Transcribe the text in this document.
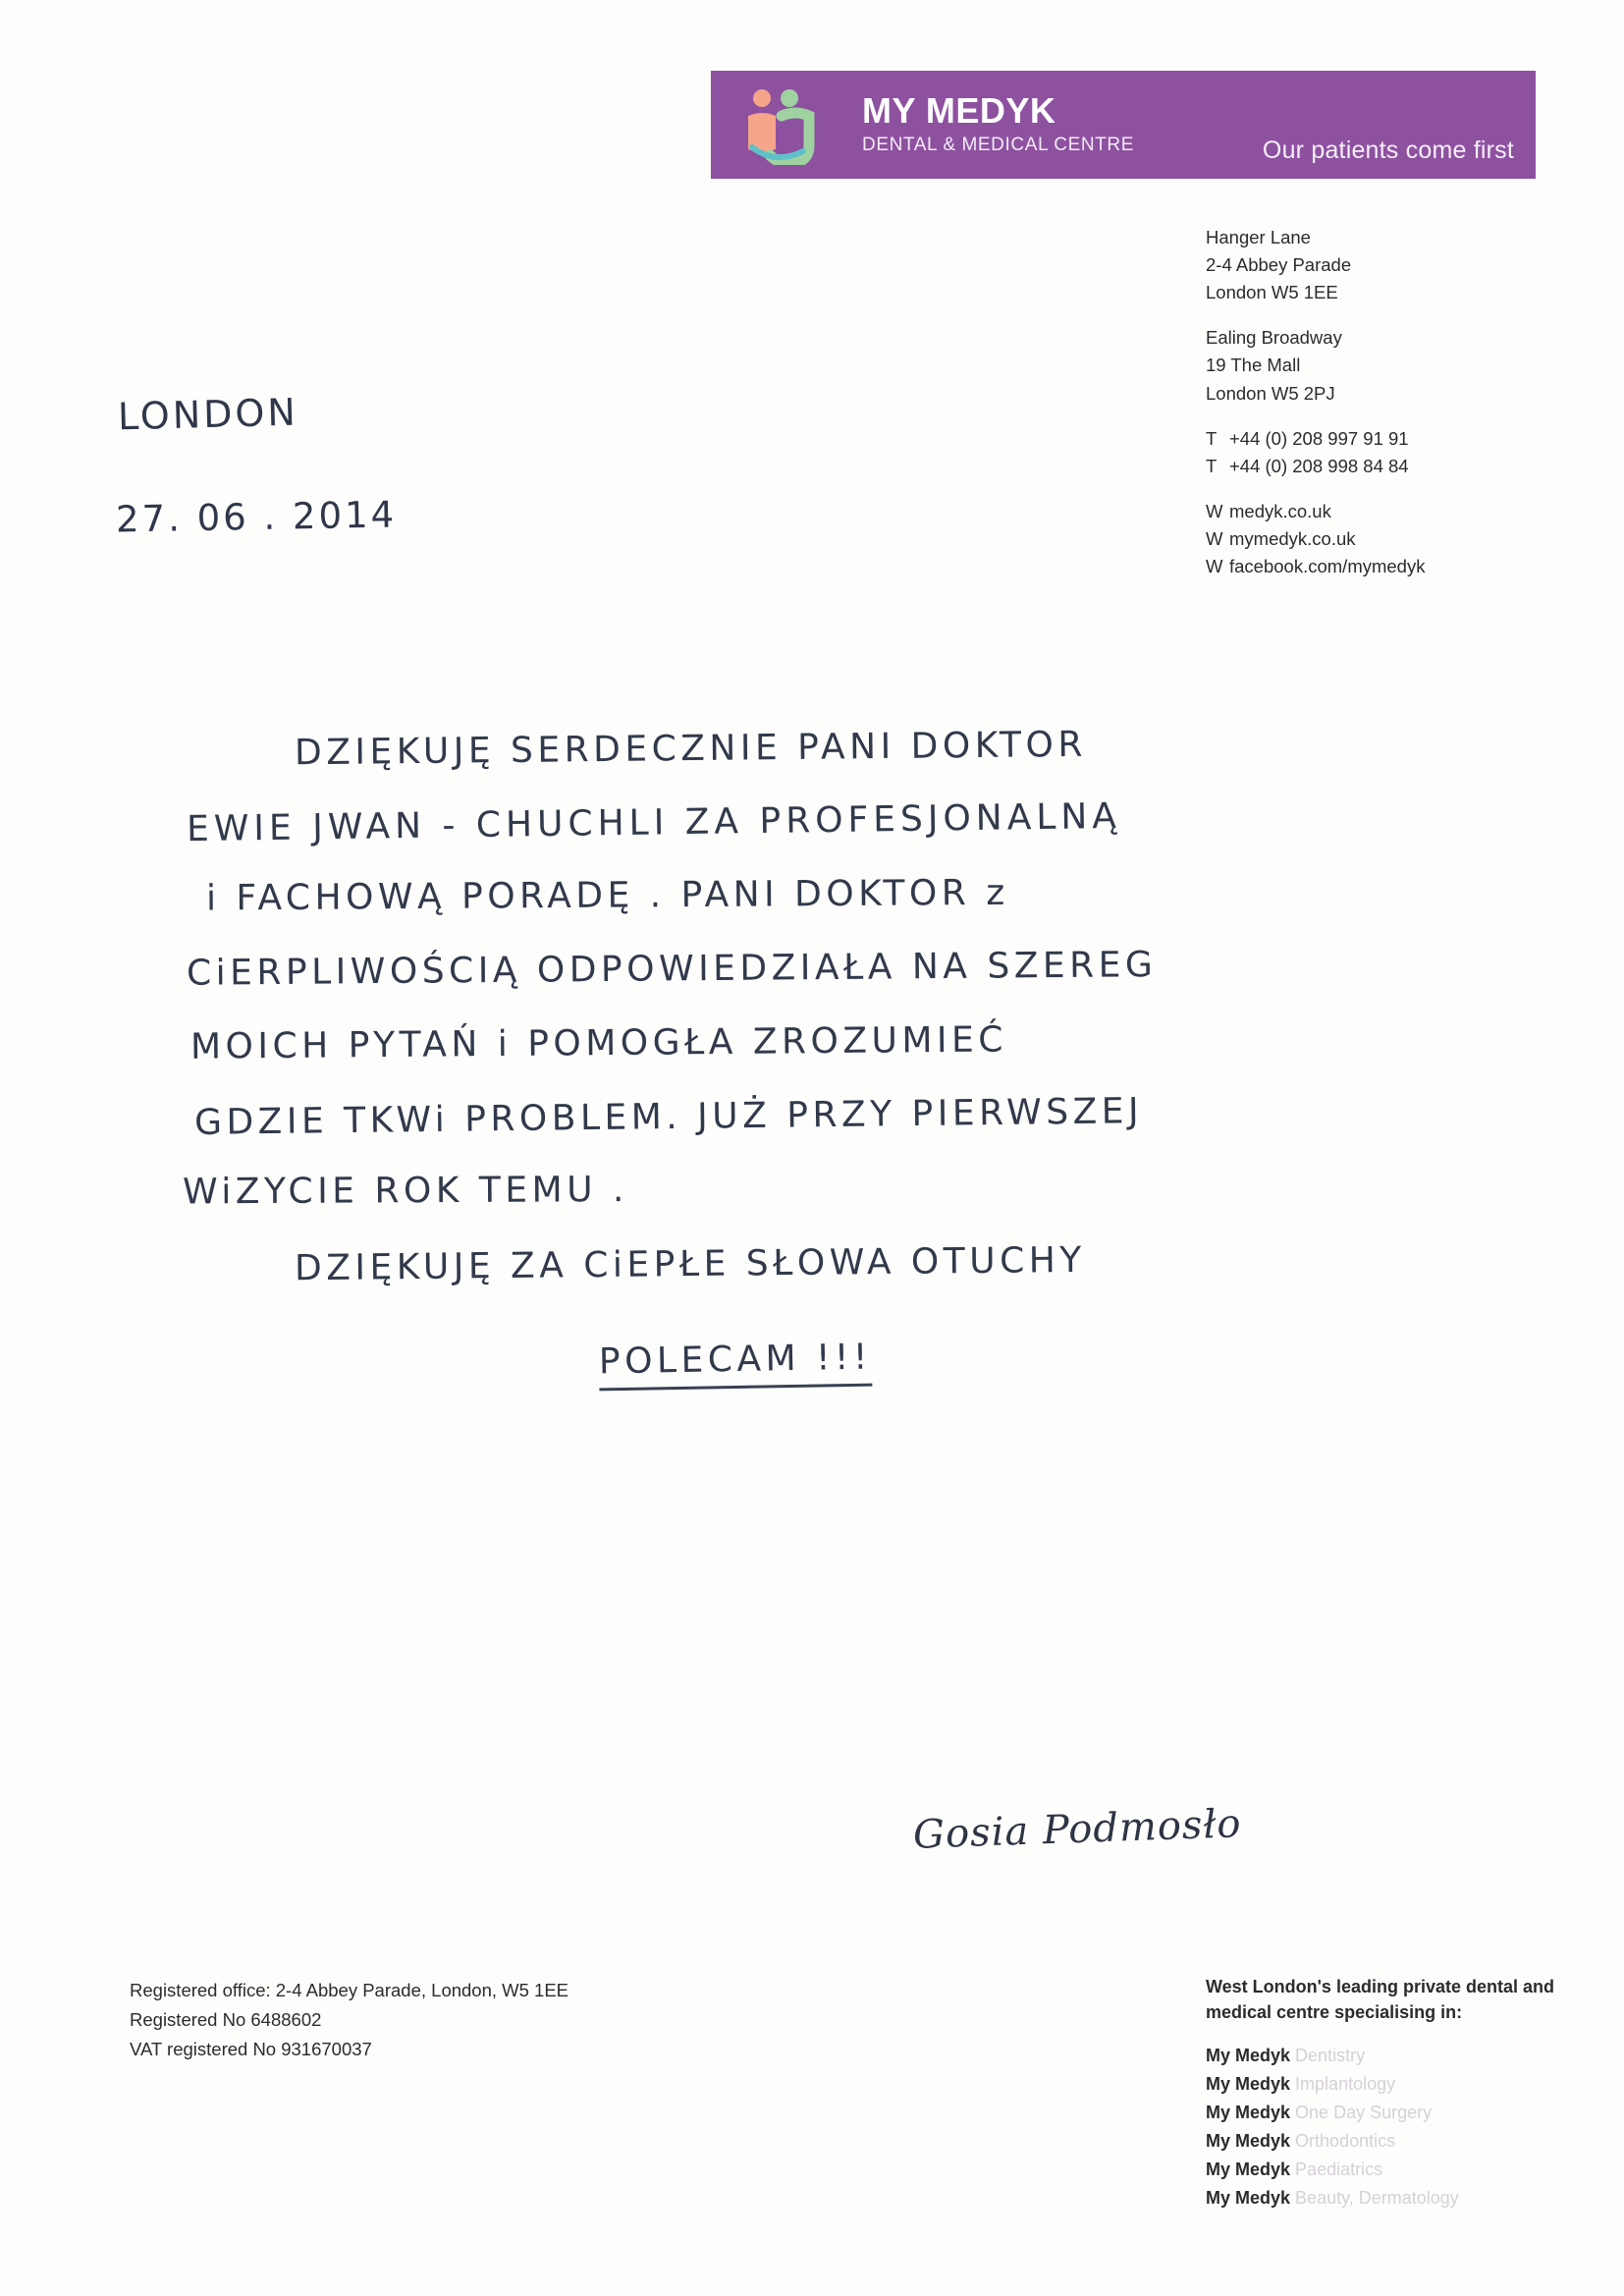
MY MEDYK
DENTAL & MEDICAL CENTRE	Our patients come first
Hanger Lane
2-4 Abbey Parade
London W5 1EE
Ealing Broadway
19 The Mall
London W5 2PJ
T +44 (0) 208 997 91 91
T +44 (0) 208 998 84 84
W medyk.co.uk
W mymedyk.co.uk
W facebook.com/mymedyk
LONDON
27. 06 . 2014
DZIĘKUJĘ SERDECZNIE PANI DOKTOR
EWIE JWAN - CHUCHLI ZA PROFESJONALNĄ
i FACHOWĄ PORADĘ . PANI DOKTOR z
CiERPLIWOŚCIĄ ODPOWIEDZIAŁA NA SZEREG
MOICH PYTAŃ i POMOGŁA ZROZUMIEĆ
GDZIE TKWi PROBLEM. JUŻ PRZY PIERWSZEJ
WiZYCIE ROK TEMU .
DZIĘKUJĘ ZA CiEPŁE SŁOWA OTUCHY
POLECAM !!!
Gosia Podmosło
Registered office: 2-4 Abbey Parade, London, W5 1EE
Registered No 6488602
VAT registered No 931670037
West London's leading private dental and medical centre specialising in:
My Medyk Dentistry
My Medyk Implantology
My Medyk One Day Surgery
My Medyk Orthodontics
My Medyk Paediatrics
My Medyk Beauty, Dermatology
